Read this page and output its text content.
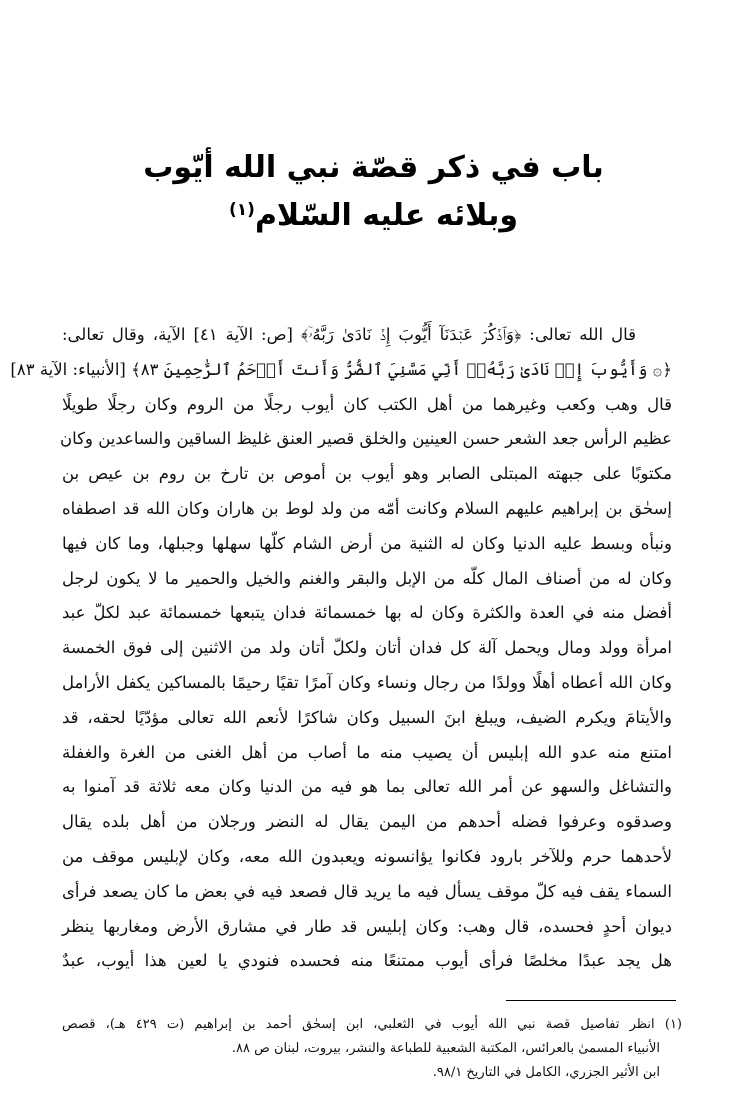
باب في ذكر قصّة نبي الله أيّوب
وبلائه عليه السّلام$^{(١)}$
قال الله تعالى: ﴿وَٱذۡكُرۡ عَبۡدَنَآ أَيُّوبَ إِذۡ نَادَىٰ رَبَّهُۥٓ﴾ [ص: الآية ٤١] الآية، وقال تعالى:
﴿۞ وَأَيُّوبَ إِذۡ نَادَىٰ رَبَّهُۥٓ أَنِّي مَسَّنِيَ ٱلضُّرُّ وَأَنتَ أَرۡحَمُ ٱلرَّٰحِمِينَ ٨٣﴾ [الأنبياء: الآية ٨٣]
قال وهب وكعب وغيرهما من أهل الكتب كان أيوب رجلًا من الروم وكان رجلًا طويلًا
عظيم الرأس جعد الشعر حسن العينين والخلق قصير العنق غليظ الساقين والساعدين وكان
مكتوبًا على جبهته المبتلى الصابر وهو أيوب بن أموص بن تارخ بن روم بن عيص بن
إسحٰق بن إبراهيم عليهم السلام وكانت أمّه من ولد لوط بن هاران وكان الله قد اصطفاه
ونبأه وبسط عليه الدنيا وكان له الثنية من أرض الشام كلّها سهلها وجبلها، وما كان فيها
وكان له من أصناف المال كلّه من الإبل والبقر والغنم والخيل والحمير ما لا يكون لرجل
أفضل منه في العدة والكثرة وكان له بها خمسمائة فدان يتبعها خمسمائة عبد لكلّ عبد
امرأة وولد ومال ويحمل آلة كل فدان أتان ولكلّ أتان ولد من الاثنين إلى فوق الخمسة
وكان الله أعطاه أهلًا وولدًا من رجال ونساء وكان آمرًا تقيًا رحيمًا بالمساكين يكفل الأرامل
والأيتامَ ويكرم الضيف، ويبلغ ابنَ السبيل وكان شاكرًا لأنعم الله تعالى مؤدّيًا لحقه، قد
امتنع منه عدو الله إبليس أن يصيب منه ما أصاب من أهل الغنى من الغرة والغفلة
والتشاغل والسهو عن أمر الله تعالى بما هو فيه من الدنيا وكان معه ثلاثة قد آمنوا به
وصدقوه وعرفوا فضله أحدهم من اليمن يقال له النضر ورجلان من أهل بلده يقال
لأحدهما حرم وللآخر بارود فكانوا يؤانسونه ويعبدون الله معه، وكان لإبليس موقف من
السماء يقف فيه كلّ موقف يسأل فيه ما يريد قال فصعد فيه في بعض ما كان يصعد فرأى
ديوان أحدٍ فحسده، قال وهب: وكان إبليس قد طار في مشارق الأرض ومغاربها ينظر
هل يجد عبدًا مخلصًا فرأى أيوب ممتنعًا منه فحسده فنودي يا لعين هذا أيوب، عبدٌ
(١) انظر تفاصيل قصة نبي الله أيوب في الثعلبي، ابن إسحٰق أحمد بن إبراهيم (ت ٤٢٩ هـ)، قصص
الأنبياء المسمىٰ بالعرائس، المكتبة الشعبية للطباعة والنشر، بيروت، لبنان ص ٨٨.
ابن الأثير الجزري، الكامل في التاريخ ٩٨/١.
